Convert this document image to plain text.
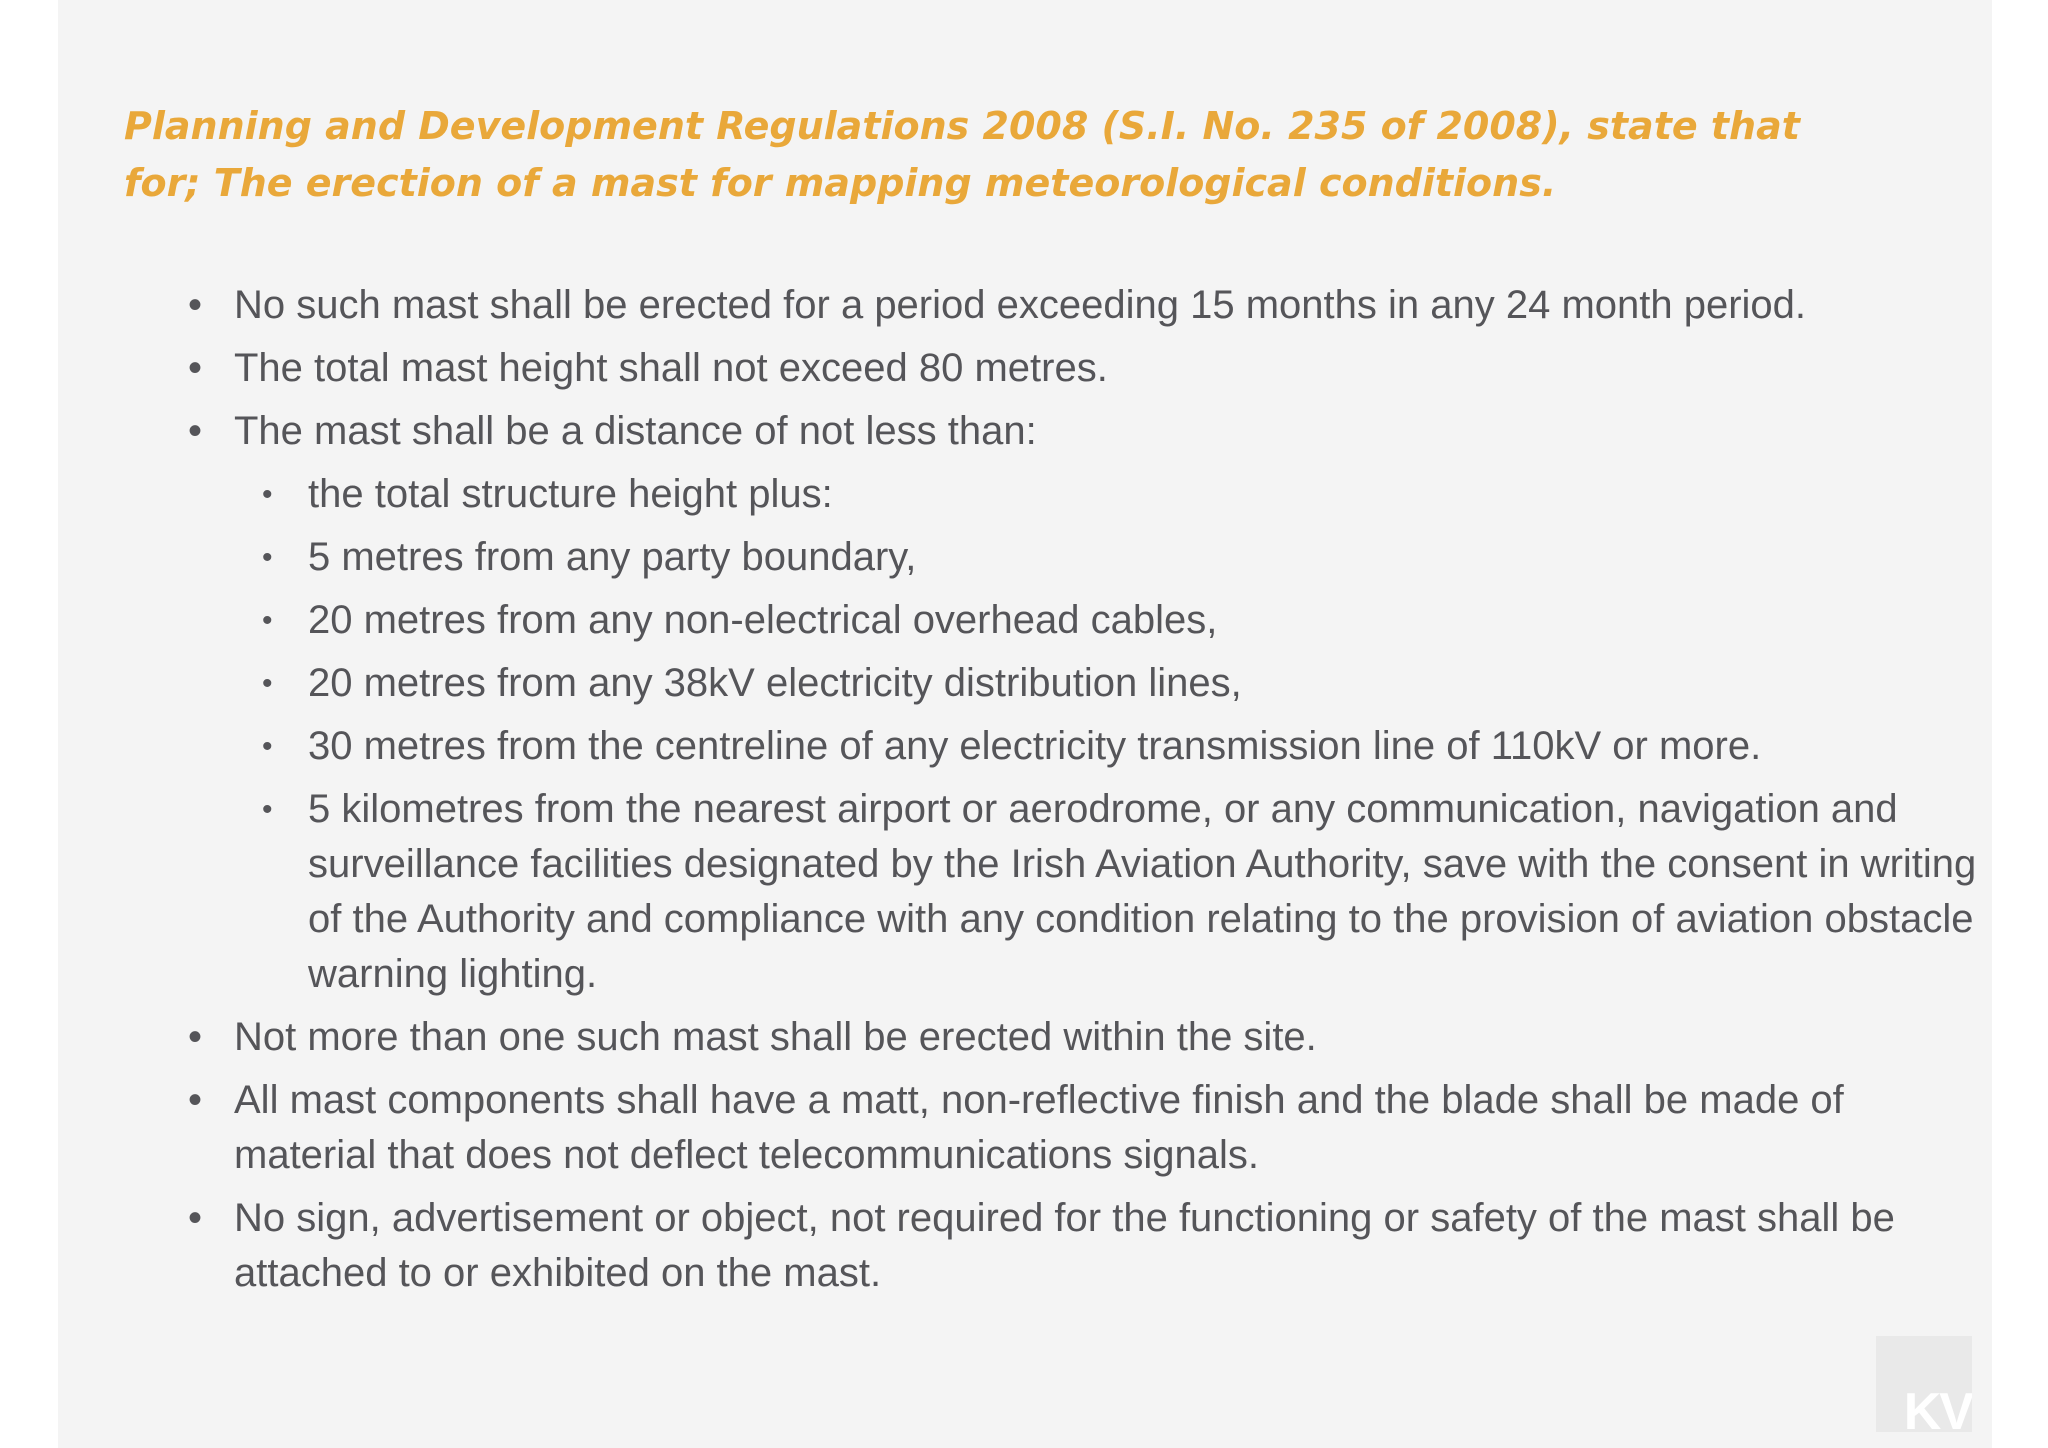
Planning and Development Regulations 2008 (S.I. No. 235 of 2008), state that for; The erection of a mast for mapping meteorological conditions.

• No such mast shall be erected for a period exceeding 15 months in any 24 month period.
• The total mast height shall not exceed 80 metres.
• The mast shall be a distance of not less than:
• the total structure height plus:
• 5 metres from any party boundary,
• 20 metres from any non-electrical overhead cables,
• 20 metres from any 38kV electricity distribution lines,
• 30 metres from the centreline of any electricity transmission line of 110kV or more.
• 5 kilometres from the nearest airport or aerodrome, or any communication, navigation and surveillance facilities designated by the Irish Aviation Authority, save with the consent in writing of the Authority and compliance with any condition relating to the provision of aviation obstacle warning lighting.
• Not more than one such mast shall be erected within the site.
• All mast components shall have a matt, non-reflective finish and the blade shall be made of material that does not deflect telecommunications signals.
• No sign, advertisement or object, not required for the functioning or safety of the mast shall be attached to or exhibited on the mast.
KV
